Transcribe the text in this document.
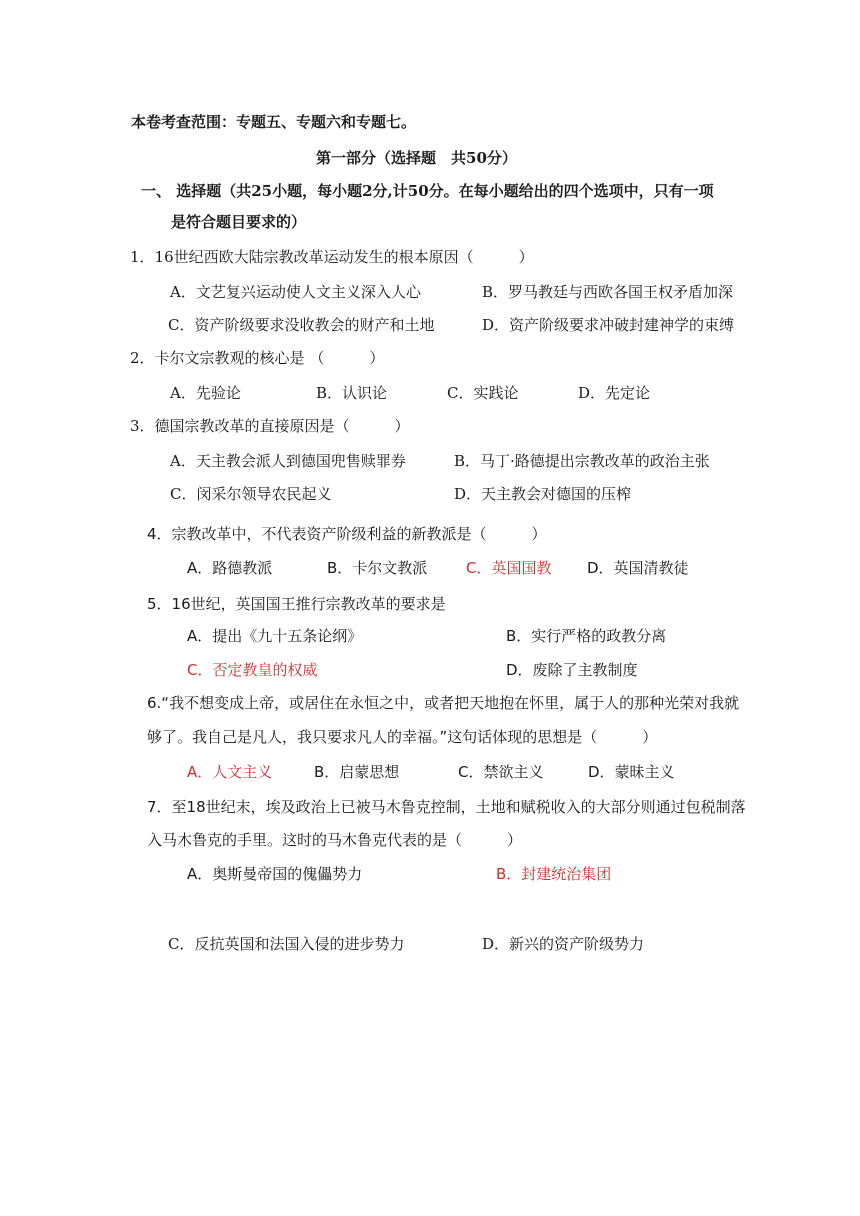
本卷考查范围：专题五、专题六和专题七。
第一部分（选择题　共50分）
一、 选择题（共25小题，每小题2分,计50分。在每小题给出的四个选项中，只有一项
是符合题目要求的）
1．16世纪西欧大陆宗教改革运动发生的根本原因（　　　）
A．文艺复兴运动使人文主义深入人心	B．罗马教廷与西欧各国王权矛盾加深
C．资产阶级要求没收教会的财产和土地	D．资产阶级要求冲破封建神学的束缚
2．卡尔文宗教观的核心是 （　　　）
A．先验论	B．认识论	C．实践论	D．先定论
3．德国宗教改革的直接原因是（　　　）
A．天主教会派人到德国兜售赎罪券	B．马丁·路德提出宗教改革的政治主张
C．闵采尔领导农民起义	D．天主教会对德国的压榨
4．宗教改革中，不代表资产阶级利益的新教派是（　　　）
A．路德教派	B．卡尔文教派	C．英国国教 D．英国清教徒
5．16世纪，英国国王推行宗教改革的要求是
A．提出《九十五条论纲》	B．实行严格的政教分离
C．否定教皇的权威	D．废除了主教制度
6.“我不想变成上帝，或居住在永恒之中，或者把天地抱在怀里，属于人的那种光荣对我就
够了。我自己是凡人，我只要求凡人的幸福。”这句话体现的思想是（　　　）
A．人文主义	B．启蒙思想	C．禁欲主义	D．蒙昧主义
7．至18世纪末，埃及政治上已被马木鲁克控制，土地和赋税收入的大部分则通过包税制落
入马木鲁克的手里。这时的马木鲁克代表的是（　　　）
A．奥斯曼帝国的傀儡势力	B．封建统治集团
C．反抗英国和法国入侵的进步势力	D．新兴的资产阶级势力
